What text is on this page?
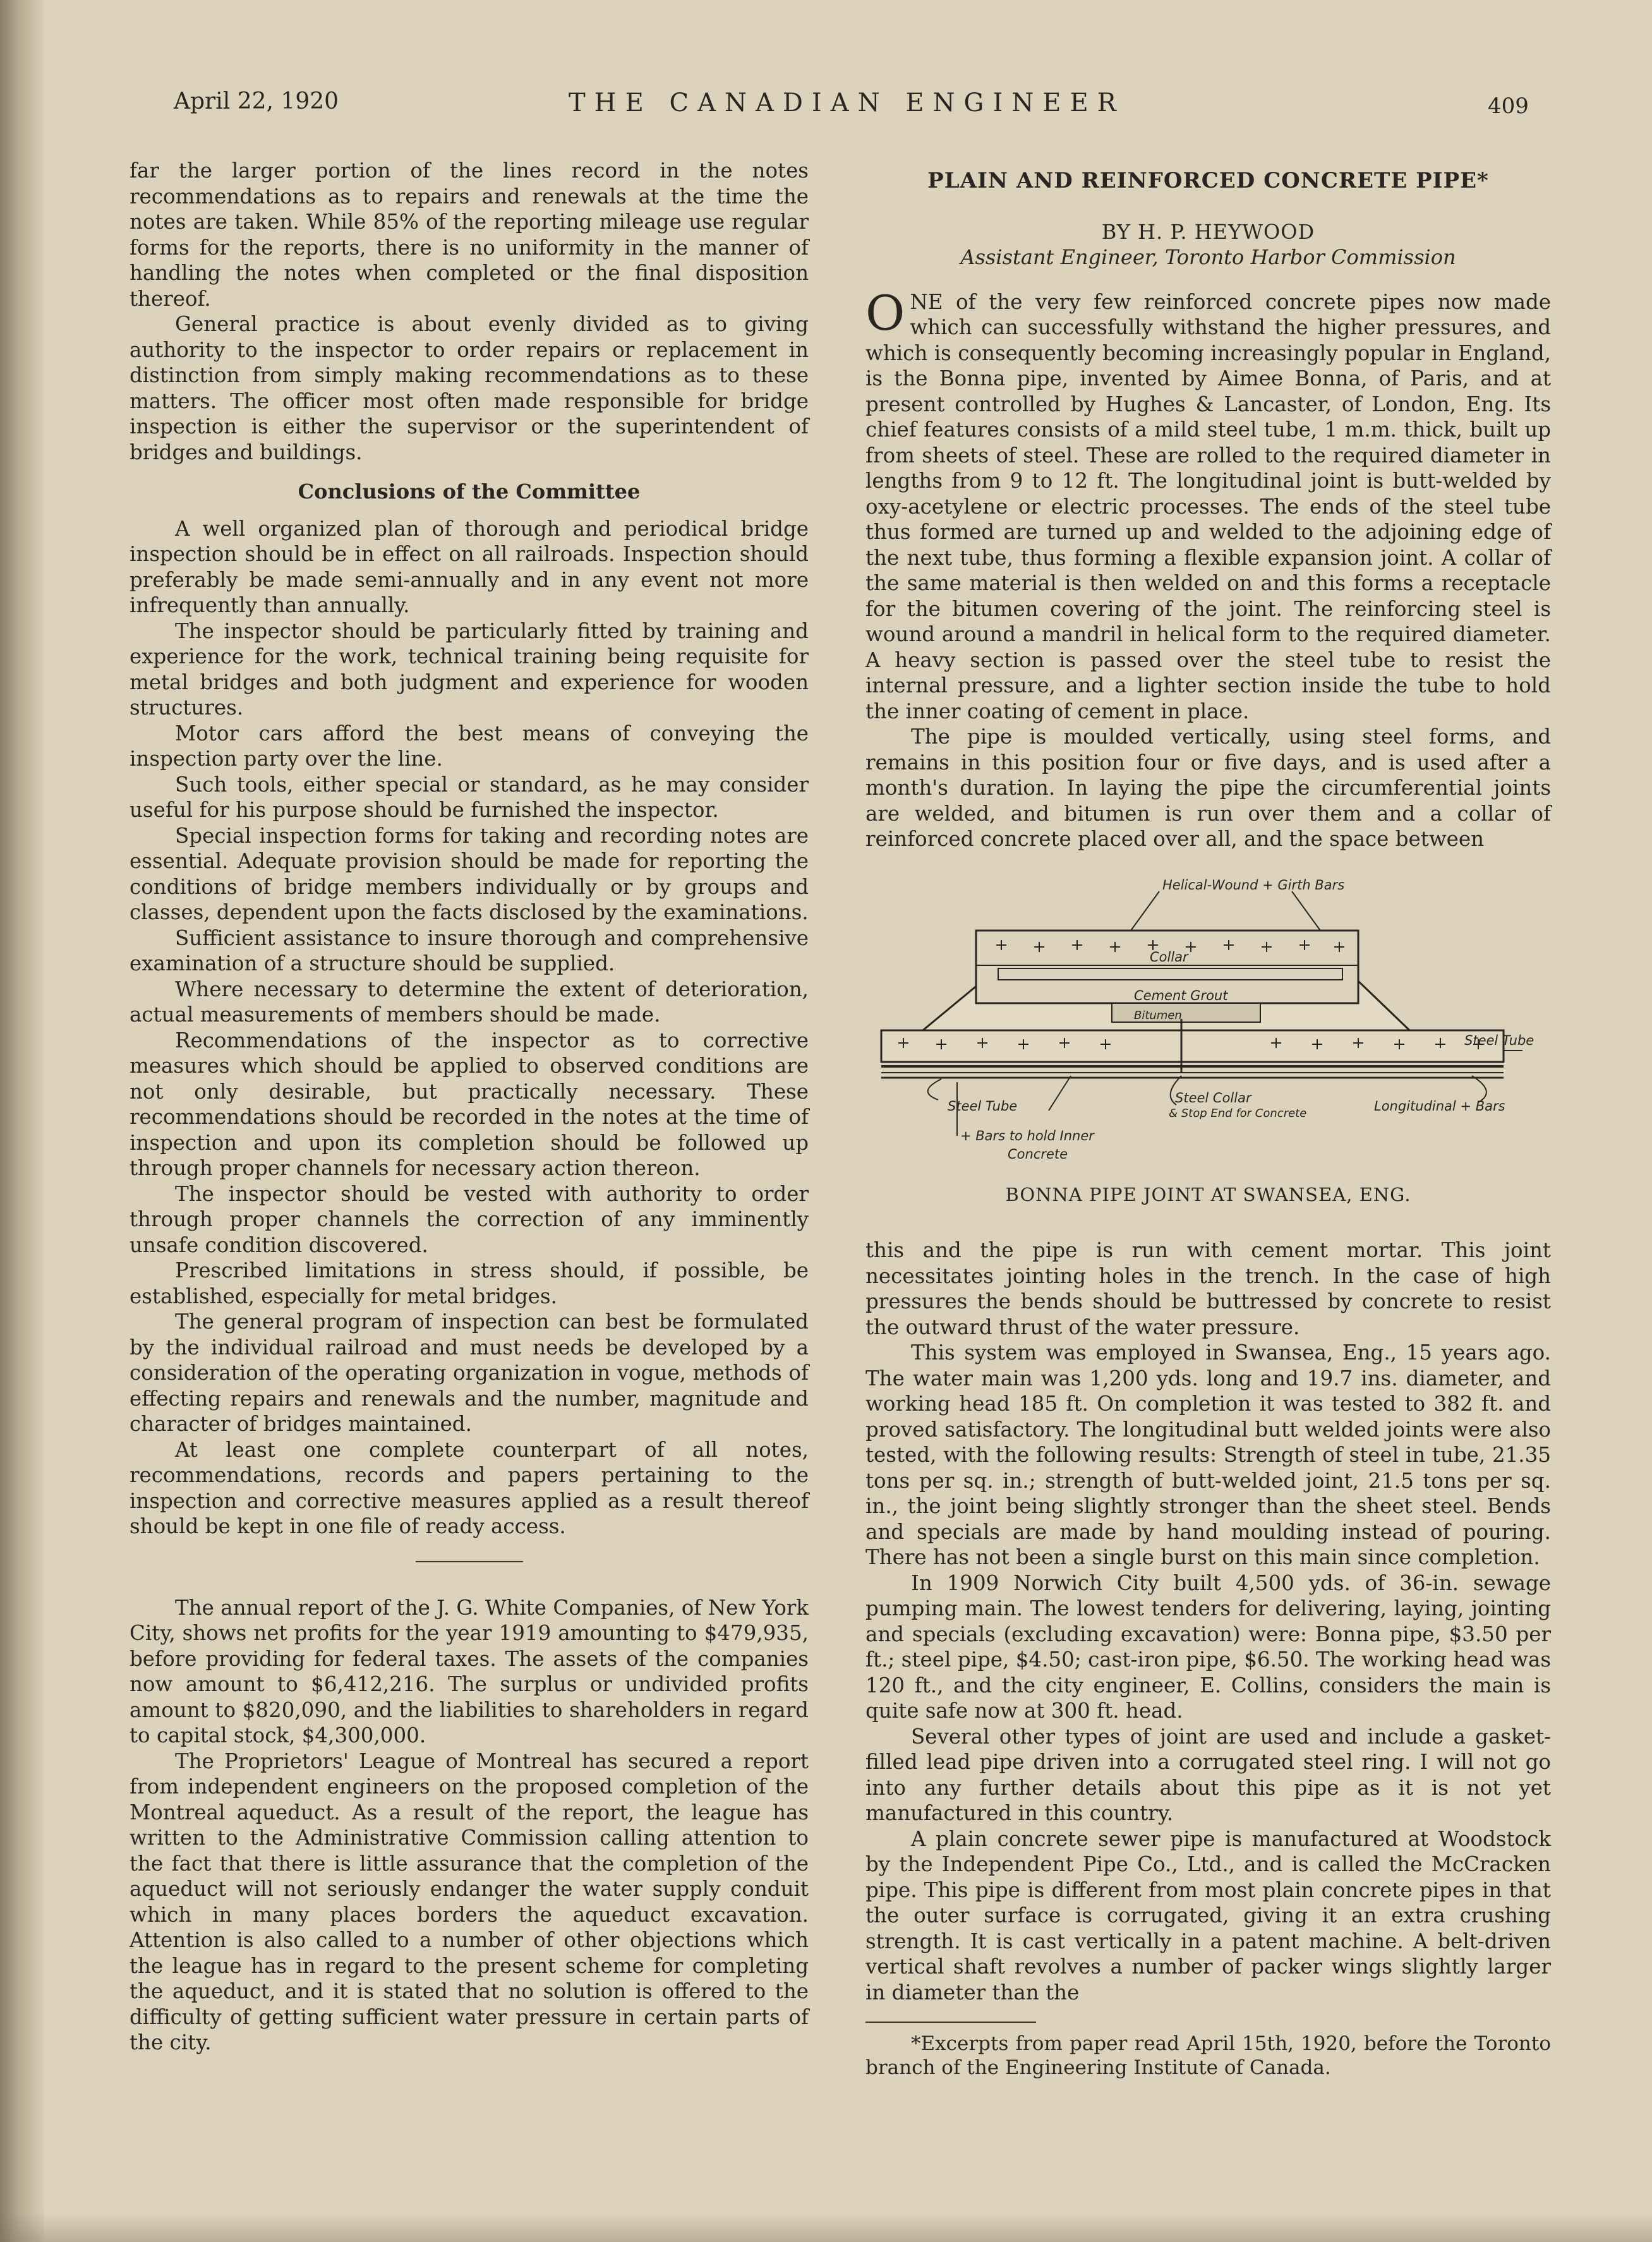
April 22, 1920	THE CANADIAN ENGINEER	409

far the larger portion of the lines record in the notes recommendations as to repairs and renewals at the time the notes are taken. While 85% of the reporting mileage use regular forms for the reports, there is no uniformity in the manner of handling the notes when completed or the final disposition thereof.

General practice is about evenly divided as to giving authority to the inspector to order repairs or replacement in distinction from simply making recommendations as to these matters. The officer most often made responsible for bridge inspection is either the supervisor or the superintendent of bridges and buildings.

Conclusions of the Committee

A well organized plan of thorough and periodical bridge inspection should be in effect on all railroads. Inspection should preferably be made semi-annually and in any event not more infrequently than annually.

The inspector should be particularly fitted by training and experience for the work, technical training being requisite for metal bridges and both judgment and experience for wooden structures.

Motor cars afford the best means of conveying the inspection party over the line.

Such tools, either special or standard, as he may consider useful for his purpose should be furnished the inspector.

Special inspection forms for taking and recording notes are essential. Adequate provision should be made for reporting the conditions of bridge members individually or by groups and classes, dependent upon the facts disclosed by the examinations.

Sufficient assistance to insure thorough and comprehensive examination of a structure should be supplied.

Where necessary to determine the extent of deterioration, actual measurements of members should be made.

Recommendations of the inspector as to corrective measures which should be applied to observed conditions are not only desirable, but practically necessary. These recommendations should be recorded in the notes at the time of inspection and upon its completion should be followed up through proper channels for necessary action thereon.

The inspector should be vested with authority to order through proper channels the correction of any imminently unsafe condition discovered.

Prescribed limitations in stress should, if possible, be established, especially for metal bridges.

The general program of inspection can best be formulated by the individual railroad and must needs be developed by a consideration of the operating organization in vogue, methods of effecting repairs and renewals and the number, magnitude and character of bridges maintained.

At least one complete counterpart of all notes, recommendations, records and papers pertaining to the inspection and corrective measures applied as a result thereof should be kept in one file of ready access.

The annual report of the J. G. White Companies, of New York City, shows net profits for the year 1919 amounting to $479,935, before providing for federal taxes. The assets of the companies now amount to $6,412,216. The surplus or undivided profits amount to $820,090, and the liabilities to shareholders in regard to capital stock, $4,300,000.

The Proprietors' League of Montreal has secured a report from independent engineers on the proposed completion of the Montreal aqueduct. As a result of the report, the league has written to the Administrative Commission calling attention to the fact that there is little assurance that the completion of the aqueduct will not seriously endanger the water supply conduit which in many places borders the aqueduct excavation. Attention is also called to a number of other objections which the league has in regard to the present scheme for completing the aqueduct, and it is stated that no solution is offered to the difficulty of getting sufficient water pressure in certain parts of the city.

PLAIN AND REINFORCED CONCRETE PIPE*
BY H. P. HEYWOOD
Assistant Engineer, Toronto Harbor Commission

ONE of the very few reinforced concrete pipes now made which can successfully withstand the higher pressures, and which is consequently becoming increasingly popular in England, is the Bonna pipe, invented by Aimee Bonna, of Paris, and at present controlled by Hughes & Lancaster, of London, Eng. Its chief features consists of a mild steel tube, 1 m.m. thick, built up from sheets of steel. These are rolled to the required diameter in lengths from 9 to 12 ft. The longitudinal joint is butt-welded by oxy-acetylene or electric processes. The ends of the steel tube thus formed are turned up and welded to the adjoining edge of the next tube, thus forming a flexible expansion joint. A collar of the same material is then welded on and this forms a receptacle for the bitumen covering of the joint. The reinforcing steel is wound around a mandril in helical form to the required diameter. A heavy section is passed over the steel tube to resist the internal pressure, and a lighter section inside the tube to hold the inner coating of cement in place.

The pipe is moulded vertically, using steel forms, and remains in this position four or five days, and is used after a month's duration. In laying the pipe the circumferential joints are welded, and bitumen is run over them and a collar of reinforced concrete placed over all, and the space between

Helical-Wound + Girth Bars
Collar
Cement Grout
Bitumen
Steel Tube
Steel Tube
Steel Collar
& Stop End for Concrete	Longitudinal + Bars
+ Bars to hold Inner
Concrete
BONNA PIPE JOINT AT SWANSEA, ENG.

this and the pipe is run with cement mortar. This joint necessitates jointing holes in the trench. In the case of high pressures the bends should be buttressed by concrete to resist the outward thrust of the water pressure.

This system was employed in Swansea, Eng., 15 years ago. The water main was 1,200 yds. long and 19.7 ins. diameter, and working head 185 ft. On completion it was tested to 382 ft. and proved satisfactory. The longitudinal butt welded joints were also tested, with the following results: Strength of steel in tube, 21.35 tons per sq. in.; strength of butt-welded joint, 21.5 tons per sq. in., the joint being slightly stronger than the sheet steel. Bends and specials are made by hand moulding instead of pouring. There has not been a single burst on this main since completion.

In 1909 Norwich City built 4,500 yds. of 36-in. sewage pumping main. The lowest tenders for delivering, laying, jointing and specials (excluding excavation) were: Bonna pipe, $3.50 per ft.; steel pipe, $4.50; cast-iron pipe, $6.50. The working head was 120 ft., and the city engineer, E. Collins, considers the main is quite safe now at 300 ft. head.

Several other types of joint are used and include a gasket-filled lead pipe driven into a corrugated steel ring. I will not go into any further details about this pipe as it is not yet manufactured in this country.

A plain concrete sewer pipe is manufactured at Woodstock by the Independent Pipe Co., Ltd., and is called the McCracken pipe. This pipe is different from most plain concrete pipes in that the outer surface is corrugated, giving it an extra crushing strength. It is cast vertically in a patent machine. A belt-driven vertical shaft revolves a number of packer wings slightly larger in diameter than the

*Excerpts from paper read April 15th, 1920, before the Toronto branch of the Engineering Institute of Canada.
